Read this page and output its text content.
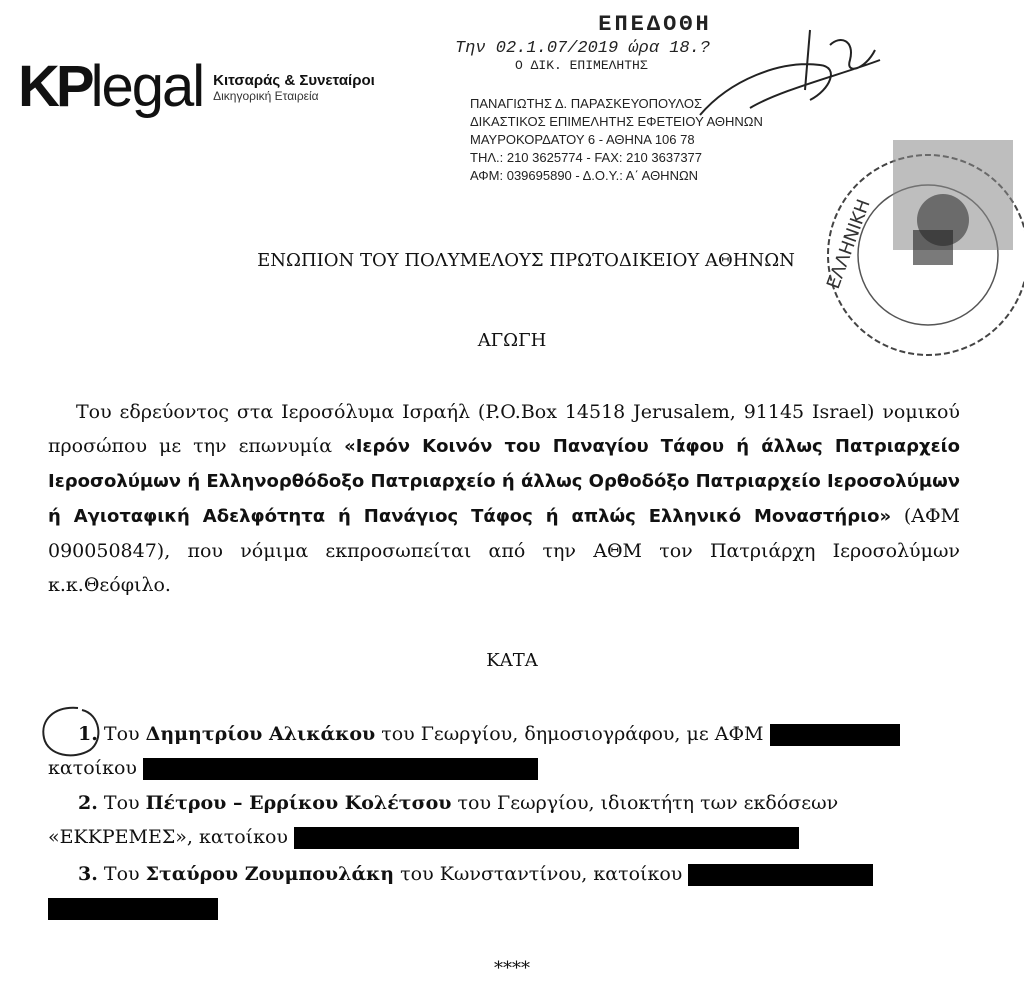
KPlegal Κιτσαράς & Συνεταίροι
Δικηγορική Εταιρεία
ΕΠΕΔΟΘΗ
Την 02.1.07/2019 ώρα 18.?
Ο ΔΙΚ. ΕΠΙΜΕΛΗΤΗΣ
ΠΑΝΑΓΙΩΤΗΣ Δ. ΠΑΡΑΣΚΕΥΟΠΟΥΛΟΣ
ΔΙΚΑΣΤΙΚΟΣ ΕΠΙΜΕΛΗΤΗΣ ΕΦΕΤΕΙΟΥ ΑΘΗΝΩΝ
ΜΑΥΡΟΚΟΡΔΑΤΟΥ 6 - ΑΘΗΝΑ 106 78
ΤΗΛ.: 210 3625774 - FAX: 210 3637377
ΑΦΜ: 039695890 - Δ.Ο.Υ.: Α΄ ΑΘΗΝΩΝ
ΕΛΛΗΝΙΚΗ
ΕΝΩΠΙΟΝ ΤΟΥ ΠΟΛΥΜΕΛΟΥΣ ΠΡΩΤΟΔΙΚΕΙΟΥ ΑΘΗΝΩΝ
ΑΓΩΓΗ
Του εδρεύοντος στα Ιεροσόλυμα Ισραήλ (P.O.Box 14518 Jerusalem, 91145 Israel) νομικού προσώπου με την επωνυμία «Ιερόν Κοινόν του Παναγίου Τάφου ή άλλως Πατριαρχείο Ιεροσολύμων ή Ελληνορθόδοξο Πατριαρχείο ή άλλως Ορθοδόξο Πατριαρχείο Ιεροσολύμων ή Αγιοταφική Αδελφότητα ή Πανάγιος Τάφος ή απλώς Ελληνικό Μοναστήριο» (ΑΦΜ 090050847), που νόμιμα εκπροσωπείται από την ΑΘΜ τον Πατριάρχη Ιεροσολύμων κ.κ.Θεόφιλο.
ΚΑΤΑ
1. Του Δημητρίου Αλικάκου του Γεωργίου, δημοσιογράφου, με ΑΦΜ
κατοίκου
2. Του Πέτρου – Ερρίκου Κολέτσου του Γεωργίου, ιδιοκτήτη των εκδόσεων
«ΕΚΚΡΕΜΕΣ», κατοίκου
3. Του Σταύρου Ζουμπουλάκη του Κωνσταντίνου, κατοίκου
****
